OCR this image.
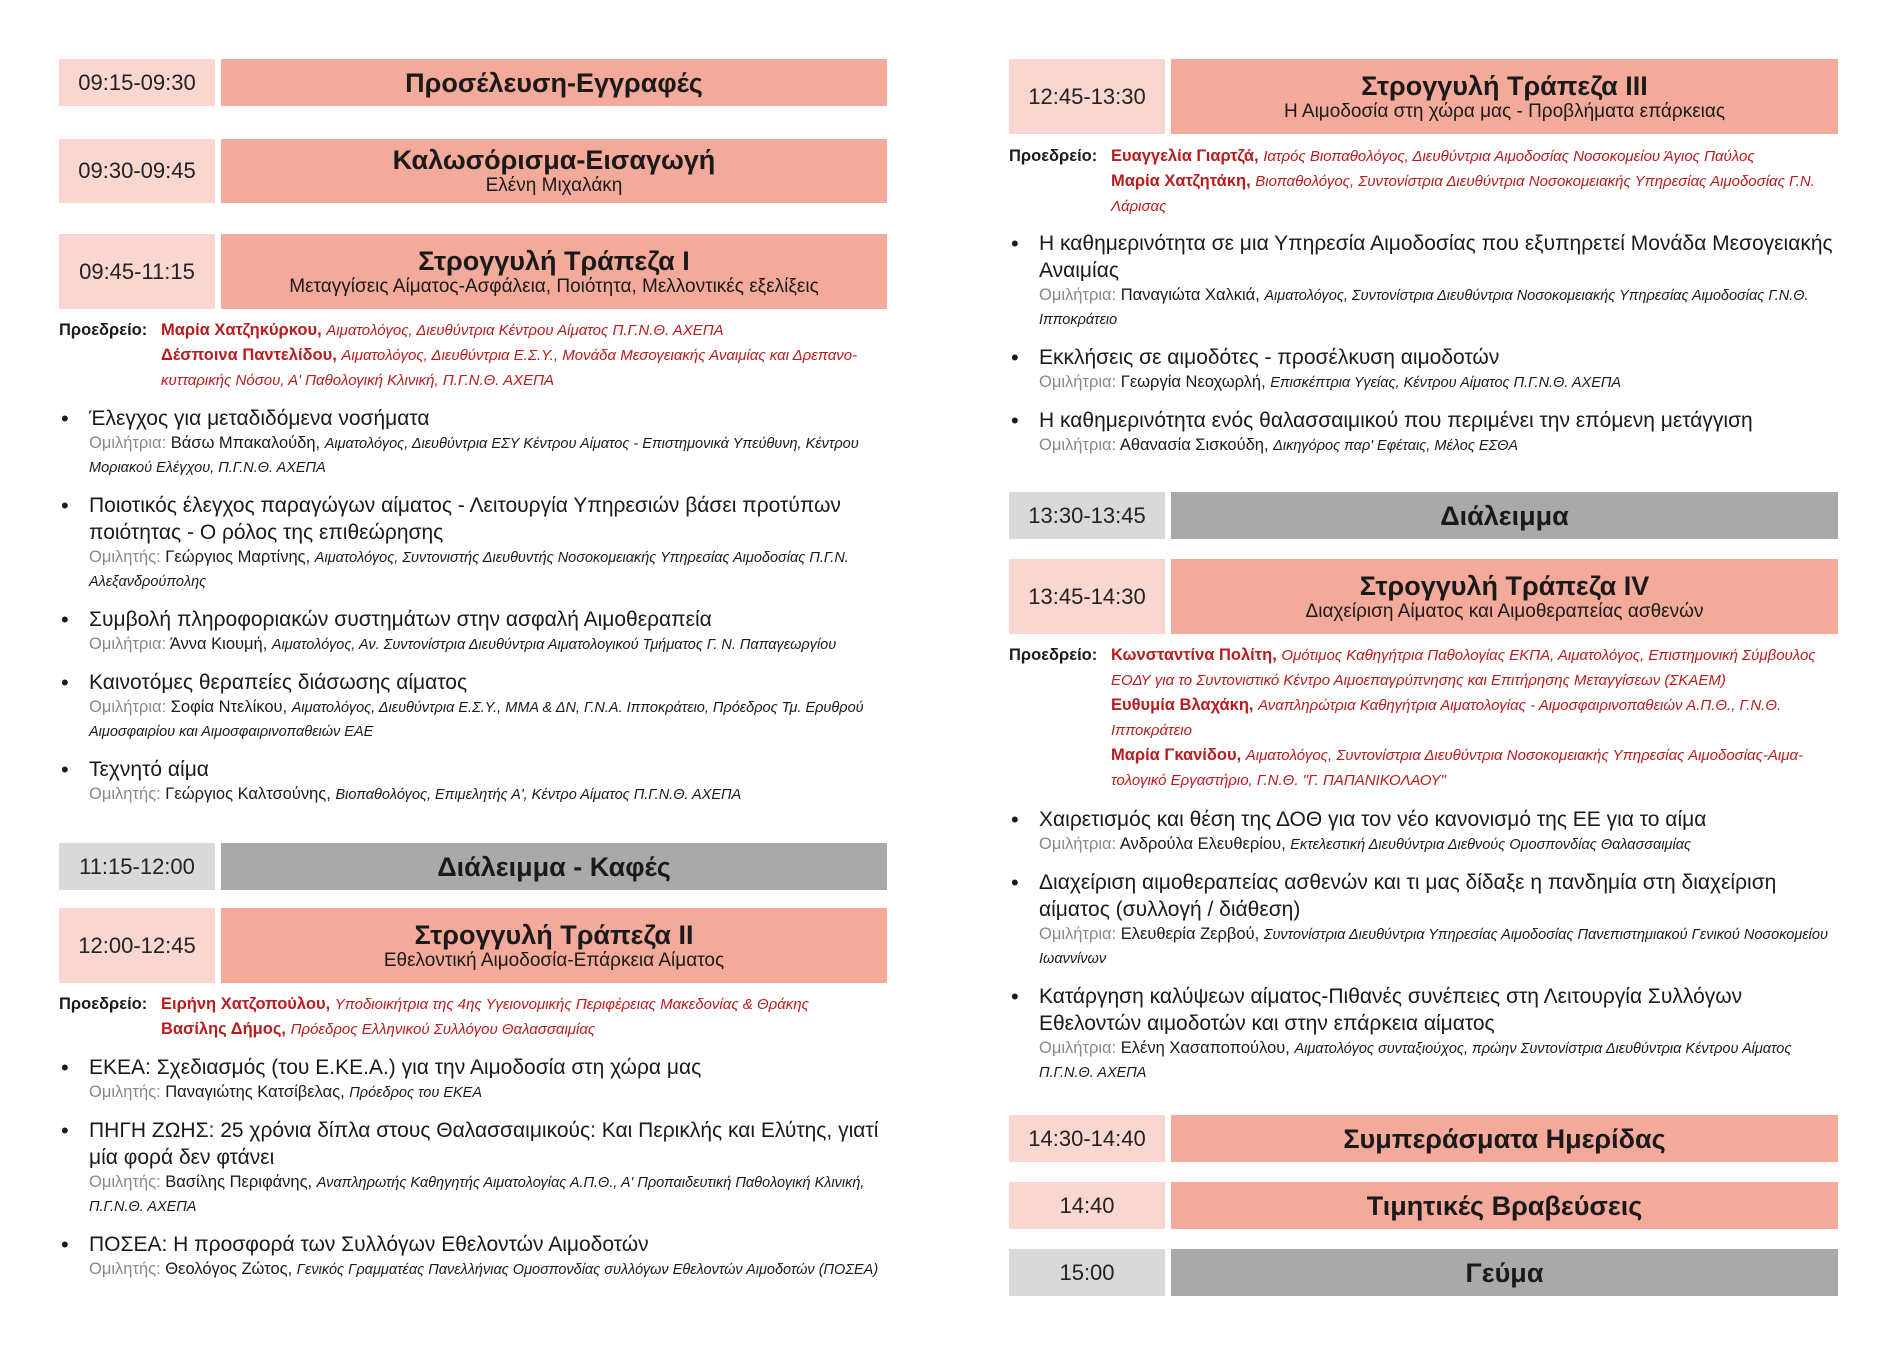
09:15-09:30	Προσέλευση-Εγγραφές
09:30-09:45	Καλωσόρισμα-Εισαγωγή
Ελένη Μιχαλάκη
09:45-11:15	Στρογγυλή Τράπεζα Ι
Μεταγγίσεις Αίματος-Ασφάλεια, Ποιότητα, Μελλοντικές εξελίξεις
Προεδρείο: Μαρία Χατζηκύρκου, Αιματολόγος, Διευθύντρια Κέντρου Αίματος Π.Γ.Ν.Θ. ΑΧΕΠΑ
Δέσποινα Παντελίδου, Αιματολόγος, Διευθύντρια Ε.Σ.Υ., Μονάδα Μεσογειακής Αναιμίας και Δρεπανο-κυτταρικής Νόσου, Α' Παθολογική Κλινική, Π.Γ.Ν.Θ. ΑΧΕΠΑ
• Έλεγχος για μεταδιδόμενα νοσήματα
Ομιλήτρια: Βάσω Μπακαλούδη, Αιματολόγος, Διευθύντρια ΕΣΥ Κέντρου Αίματος - Επιστημονικά Υπεύθυνη, Κέντρου Μοριακού Ελέγχου, Π.Γ.Ν.Θ. ΑΧΕΠΑ
• Ποιοτικός έλεγχος παραγώγων αίματος - Λειτουργία Υπηρεσιών βάσει προτύπων ποιότητας - Ο ρόλος της επιθεώρησης
Ομιλητής: Γεώργιος Μαρτίνης, Αιματολόγος, Συντονιστής Διευθυντής Νοσοκομειακής Υπηρεσίας Αιμοδοσίας Π.Γ.Ν. Αλεξανδρούπολης
• Συμβολή πληροφοριακών συστημάτων στην ασφαλή Αιμοθεραπεία
Ομιλήτρια: Άννα Κιουμή, Αιματολόγος, Αν. Συντονίστρια Διευθύντρια Αιματολογικού Τμήματος Γ. Ν. Παπαγεωργίου
• Καινοτόμες θεραπείες διάσωσης αίματος
Ομιλήτρια: Σοφία Ντελίκου, Αιματολόγος, Διευθύντρια Ε.Σ.Υ., ΜΜΑ & ΔΝ, Γ.Ν.Α. Ιπποκράτειο, Πρόεδρος Τμ. Ερυθρού Αιμοσφαιρίου και Αιμοσφαιρινοπαθειών ΕΑΕ
• Τεχνητό αίμα
Ομιλητής: Γεώργιος Καλτσούνης, Βιοπαθολόγος, Επιμελητής Α', Κέντρο Αίματος Π.Γ.Ν.Θ. ΑΧΕΠΑ
11:15-12:00	Διάλειμμα - Καφές
12:00-12:45	Στρογγυλή Τράπεζα ΙΙ
Εθελοντική Αιμοδοσία-Επάρκεια Αίματος
Προεδρείο: Ειρήνη Χατζοπούλου, Υποδιοικήτρια της 4ης Υγειονομικής Περιφέρειας Μακεδονίας & Θράκης
Βασίλης Δήμος, Πρόεδρος Ελληνικού Συλλόγου Θαλασσαιμίας
• ΕΚΕΑ: Σχεδιασμός (του Ε.ΚΕ.Α.) για την Αιμοδοσία στη χώρα μας
Ομιλητής: Παναγιώτης Κατσίβελας, Πρόεδρος του ΕΚΕΑ
• ΠΗΓΗ ΖΩΗΣ: 25 χρόνια δίπλα στους Θαλασσαιμικούς: Και Περικλής και Ελύτης, γιατί μία φορά δεν φτάνει
Ομιλητής: Βασίλης Περιφάνης, Αναπληρωτής Καθηγητής Αιματολογίας Α.Π.Θ., Α' Προπαιδευτική Παθολογική Κλινική, Π.Γ.Ν.Θ. ΑΧΕΠΑ
• ΠΟΣΕΑ: Η προσφορά των Συλλόγων Εθελοντών Αιμοδοτών
Ομιλητής: Θεολόγος Ζώτος, Γενικός Γραμματέας Πανελλήνιας Ομοσπονδίας συλλόγων Εθελοντών Αιμοδοτών (ΠΟΣΕΑ)
12:45-13:30	Στρογγυλή Τράπεζα ΙΙΙ
Η Αιμοδοσία στη χώρα μας - Προβλήματα επάρκειας
Προεδρείο: Ευαγγελία Γιαρτζά, Ιατρός Βιοπαθολόγος, Διευθύντρια Αιμοδοσίας Νοσοκομείου Άγιος Παύλος
Μαρία Χατζητάκη, Βιοπαθολόγος, Συντονίστρια Διευθύντρια Νοσοκομειακής Υπηρεσίας Αιμοδοσίας Γ.Ν. Λάρισας
• Η καθημερινότητα σε μια Υπηρεσία Αιμοδοσίας που εξυπηρετεί Μονάδα Μεσογειακής Αναιμίας
Ομιλήτρια: Παναγιώτα Χαλκιά, Αιματολόγος, Συντονίστρια Διευθύντρια Νοσοκομειακής Υπηρεσίας Αιμοδοσίας Γ.Ν.Θ. Ιπποκράτειο
• Εκκλήσεις σε αιμοδότες - προσέλκυση αιμοδοτών
Ομιλήτρια: Γεωργία Νεοχωρλή, Επισκέπτρια Υγείας, Κέντρου Αίματος Π.Γ.Ν.Θ. ΑΧΕΠΑ
• Η καθημερινότητα ενός θαλασσαιμικού που περιμένει την επόμενη μετάγγιση
Ομιλήτρια: Αθανασία Σισκούδη, Δικηγόρος παρ' Εφέταις, Μέλος ΕΣΘΑ
13:30-13:45	Διάλειμμα
13:45-14:30	Στρογγυλή Τράπεζα IV
Διαχείριση Αίματος και Αιμοθεραπείας ασθενών
Προεδρείο: Κωνσταντίνα Πολίτη, Ομότιμος Καθηγήτρια Παθολογίας ΕΚΠΑ, Αιματολόγος, Επιστημονική Σύμβουλος ΕΟΔΥ για το Συντονιστικό Κέντρο Αιμοεπαγρύπνησης και Επιτήρησης Μεταγγίσεων (ΣΚΑΕΜ)
Ευθυμία Βλαχάκη, Αναπληρώτρια Καθηγήτρια Αιματολογίας - Αιμοσφαιρινοπαθειών Α.Π.Θ., Γ.Ν.Θ. Ιπποκράτειο
Μαρία Γκανίδου, Αιματολόγος, Συντονίστρια Διευθύντρια Νοσοκομειακής Υπηρεσίας Αιμοδοσίας-Αιμα-τολογικό Εργαστήριο, Γ.Ν.Θ. "Γ. ΠΑΠΑΝΙΚΟΛΑΟΥ"
• Χαιρετισμός και θέση της ΔΟΘ για τον νέο κανονισμό της ΕΕ για το αίμα
Ομιλήτρια: Ανδρούλα Ελευθερίου, Εκτελεστική Διευθύντρια Διεθνούς Ομοσπονδίας Θαλασσαιμίας
• Διαχείριση αιμοθεραπείας ασθενών και τι μας δίδαξε η πανδημία στη διαχείριση αίματος (συλλογή / διάθεση)
Ομιλήτρια: Ελευθερία Ζερβού, Συντονίστρια Διευθύντρια Υπηρεσίας Αιμοδοσίας Πανεπιστημιακού Γενικού Νοσοκομείου Ιωαννίνων
• Κατάργηση καλύψεων αίματος-Πιθανές συνέπειες στη Λειτουργία Συλλόγων Εθελοντών αιμοδοτών και στην επάρκεια αίματος
Ομιλήτρια: Ελένη Χασαποπούλου, Αιματολόγος συνταξιούχος, πρώην Συντονίστρια Διευθύντρια Κέντρου Αίματος Π.Γ.Ν.Θ. ΑΧΕΠΑ
14:30-14:40	Συμπεράσματα Ημερίδας
14:40	Τιμητικές Βραβεύσεις
15:00	Γεύμα
